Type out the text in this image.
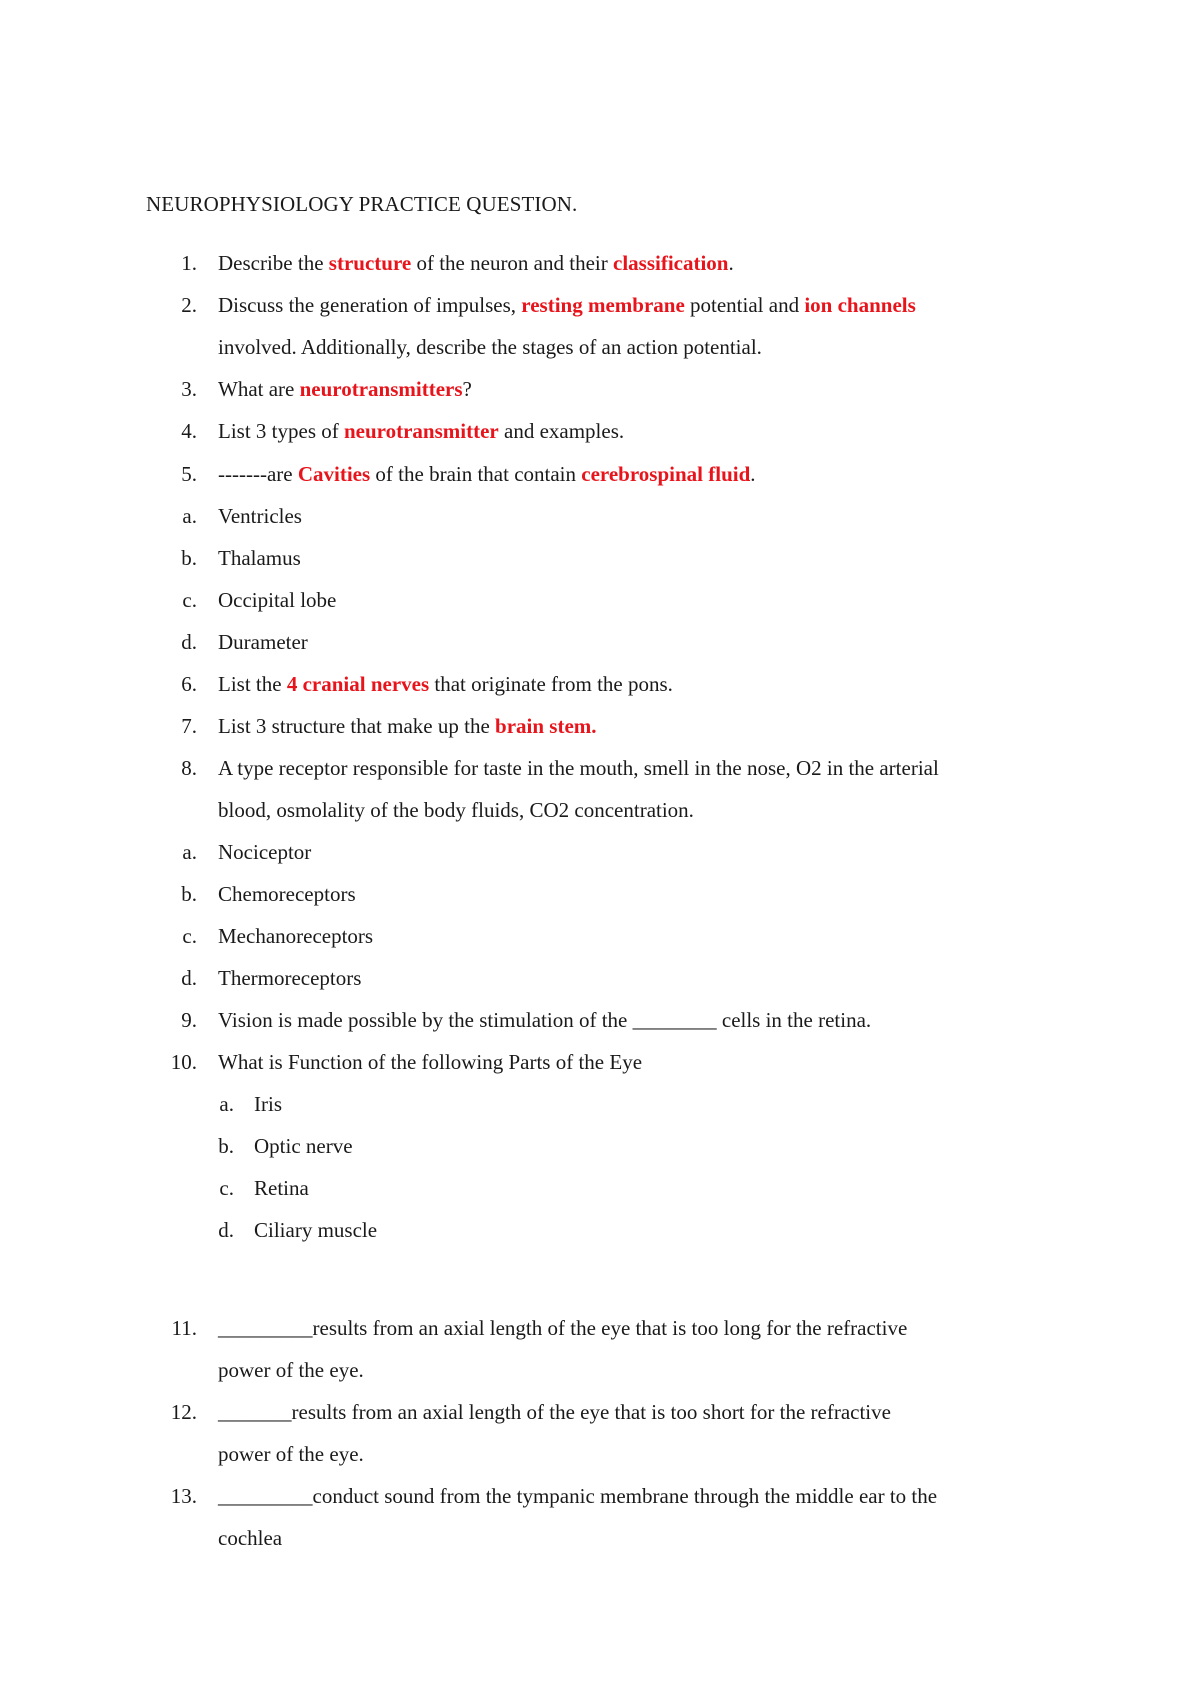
NEUROPHYSIOLOGY PRACTICE QUESTION.
1. Describe the structure of the neuron and their classification.
2. Discuss the generation of impulses, resting membrane potential and ion channels
involved. Additionally, describe the stages of an action potential.
3. What are neurotransmitters?
4. List 3 types of neurotransmitter and examples.
5. -------are Cavities of the brain that contain cerebrospinal fluid.
a. Ventricles
b. Thalamus
c. Occipital lobe
d. Durameter
6. List the 4 cranial nerves that originate from the pons.
7. List 3 structure that make up the brain stem.
8. A type receptor responsible for taste in the mouth, smell in the nose, O2 in the arterial
blood, osmolality of the body fluids, CO2 concentration.
a. Nociceptor
b. Chemoreceptors
c. Mechanoreceptors
d. Thermoreceptors
9. Vision is made possible by the stimulation of the ________ cells in the retina.
10. What is Function of the following Parts of the Eye
a. Iris
b. Optic nerve
c. Retina
d. Ciliary muscle
11. _________results from an axial length of the eye that is too long for the refractive
power of the eye.
12. _______results from an axial length of the eye that is too short for the refractive
power of the eye.
13. _________conduct sound from the tympanic membrane through the middle ear to the
cochlea
